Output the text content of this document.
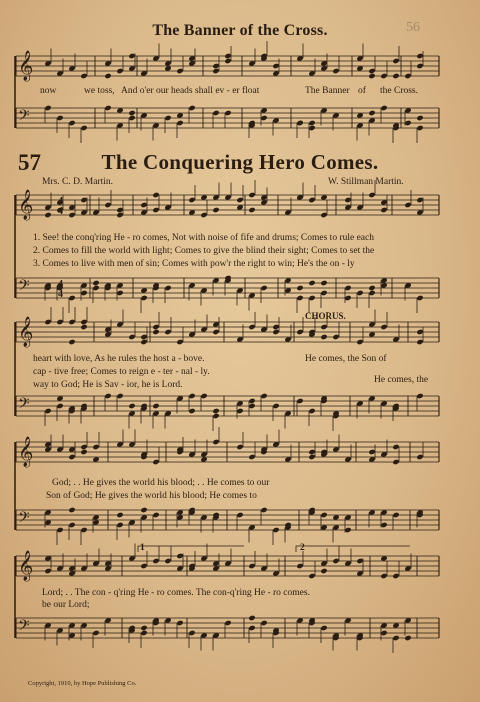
𝄞
𝄢
𝄞
𝄢
𝄞
𝄢
𝄞
𝄢
𝄞
𝄢
4
4
4
4
The Banner of the Cross.	56
now	we toss, And o'er our heads shall ev - er float	The Banner of the Cross.
57	The Conquering Hero Comes.
Mrs. C. D. Martin.	W. Stillman Martin.
1. See! the conq'ring He - ro comes, Not with noise of fife and drums; Comes to rule each
2. Comes to fill the world with light; Comes to give the blind their sight; Comes to set the
3. Comes to live with men of sin; Comes with pow'r the right to win; He's the on - ly
CHORUS.
heart with love, As he rules the host a - bove.
cap - tive free; Comes to reign e - ter - nal - ly.
way to God; He is Sav - ior, he is Lord.
He comes, the Son of
He comes, the
God; . . He gives the world his blood; . . He comes to our
Son of God; He gives the world his blood; He comes to
Lord; . . The con - q'ring He - ro comes. The con-q'ring He - ro comes.
be our Lord;
1	2
Copyright, 1910, by Hope Publishing Co.
